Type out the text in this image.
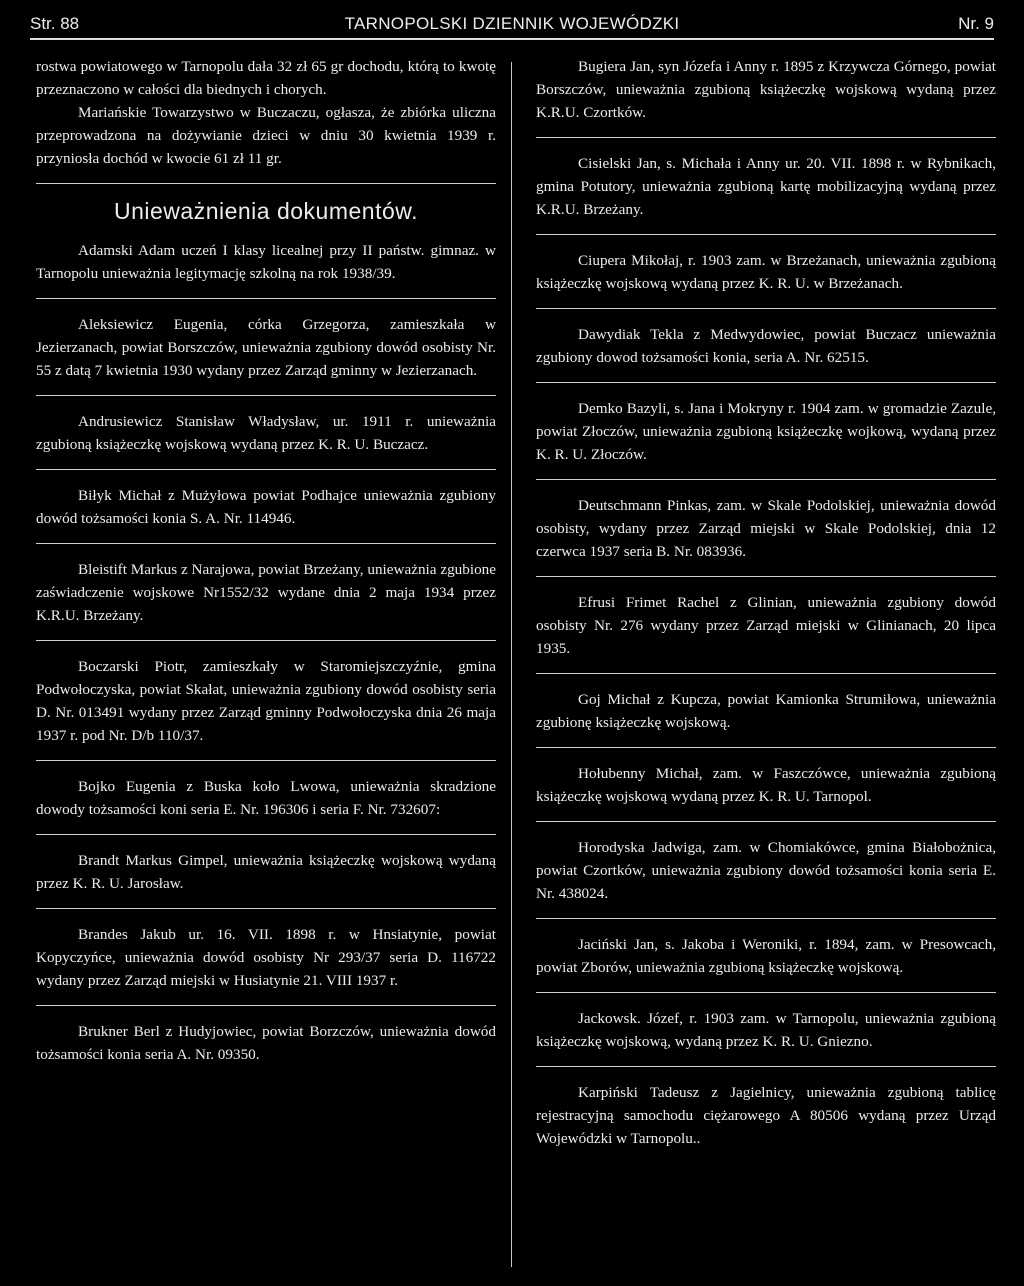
Str. 88	TARNOPOLSKI DZIENNIK WOJEWÓDZKI	Nr. 9

rostwa powiatowego w Tarnopolu dała 32 zł 65 gr dochodu, którą to kwotę przeznaczono w całości dla biednych i chorych.

Mariańskie Towarzystwo w Buczaczu, ogłasza, że zbiórka uliczna przeprowadzona na dożywianie dzieci w dniu 30 kwietnia 1939 r. przyniosła dochód w kwocie 61 zł 11 gr.

Unieważnienia dokumentów.

Adamski Adam uczeń I klasy licealnej przy II państw. gimnaz. w Tarnopolu unieważnia legitymację szkolną na rok 1938/39.

Aleksiewicz Eugenia, córka Grzegorza, zamieszkała w Jezierzanach, powiat Borszczów, unieważnia zgubiony dowód osobisty Nr. 55 z datą 7 kwietnia 1930 wydany przez Zarząd gminny w Jezierzanach.

Andrusiewicz Stanisław Władysław, ur. 1911 r. unieważnia zgubioną książeczkę wojskową wydaną przez K. R. U. Buczacz.

Biłyk Michał z Mużyłowa powiat Podhajce unieważnia zgubiony dowód tożsamości konia S. A. Nr. 114946.

Bleistift Markus z Narajowa, powiat Brzeżany, unieważnia zgubione zaświadczenie wojskowe Nr1552/32 wydane dnia 2 maja 1934 przez K.R.U. Brzeżany.

Boczarski Piotr, zamieszkały w Staromiejszczyźnie, gmina Podwołoczyska, powiat Skałat, unieważnia zgubiony dowód osobisty seria D. Nr. 013491 wydany przez Zarząd gminny Podwołoczyska dnia 26 maja 1937 r. pod Nr. D/b 110/37.

Bojko Eugenia z Buska koło Lwowa, unieważnia skradzione dowody tożsamości koni seria E. Nr. 196306 i seria F. Nr. 732607:

Brandt Markus Gimpel, unieważnia książeczkę wojskową wydaną przez K. R. U. Jarosław.

Brandes Jakub ur. 16. VII. 1898 r. w Hnsiatynie, powiat Kopyczyńce, unieważnia dowód osobisty Nr 293/37 seria D. 116722 wydany przez Zarząd miejski w Husiatynie 21. VIII 1937 r.

Brukner Berl z Hudyjowiec, powiat Borzczów, unieważnia dowód tożsamości konia seria A. Nr. 09350.

Bugiera Jan, syn Józefa i Anny r. 1895 z Krzywcza Górnego, powiat Borszczów, unieważnia zgubioną książeczkę wojskową wydaną przez K.R.U. Czortków.

Cisielski Jan, s. Michała i Anny ur. 20. VII. 1898 r. w Rybnikach, gmina Potutory, unieważnia zgubioną kartę mobilizacyjną wydaną przez K.R.U. Brzeżany.

Ciupera Mikołaj, r. 1903 zam. w Brzeżanach, unieważnia zgubioną książeczkę wojskową wydaną przez K. R. U. w Brzeżanach.

Dawydiak Tekla z Medwydowiec, powiat Buczacz unieważnia zgubiony dowod tożsamości konia, seria A. Nr. 62515.

Demko Bazyli, s. Jana i Mokryny r. 1904 zam. w gromadzie Zazule, powiat Złoczów, unieważnia zgubioną książeczkę wojkową, wydaną przez K. R. U. Złoczów.

Deutschmann Pinkas, zam. w Skale Podolskiej, unieważnia dowód osobisty, wydany przez Zarząd miejski w Skale Podolskiej, dnia 12 czerwca 1937 seria B. Nr. 083936.

Efrusi Frimet Rachel z Glinian, unieważnia zgubiony dowód osobisty Nr. 276 wydany przez Zarząd miejski w Glinianach, 20 lipca 1935.

Goj Michał z Kupcza, powiat Kamionka Strumiłowa, unieważnia zgubionę książeczkę wojskową.

Hołubenny Michał, zam. w Faszczówce, unieważnia zgubioną książeczkę wojskową wydaną przez K. R. U. Tarnopol.

Horodyska Jadwiga, zam. w Chomiakówce, gmina Białobożnica, powiat Czortków, unieważnia zgubiony dowód tożsamości konia seria E. Nr. 438024.

Jaciński Jan, s. Jakoba i Weroniki, r. 1894, zam. w Presowcach, powiat Zborów, unieważnia zgubioną książeczkę wojskową.

Jackowsk. Józef, r. 1903 zam. w Tarnopolu, unieważnia zgubioną książeczkę wojskową, wydaną przez K. R. U. Gniezno.

Karpiński Tadeusz z Jagielnicy, unieważnia zgubioną tablicę rejestracyjną samochodu ciężarowego A 80506 wydaną przez Urząd Wojewódzki w Tarnopolu..
